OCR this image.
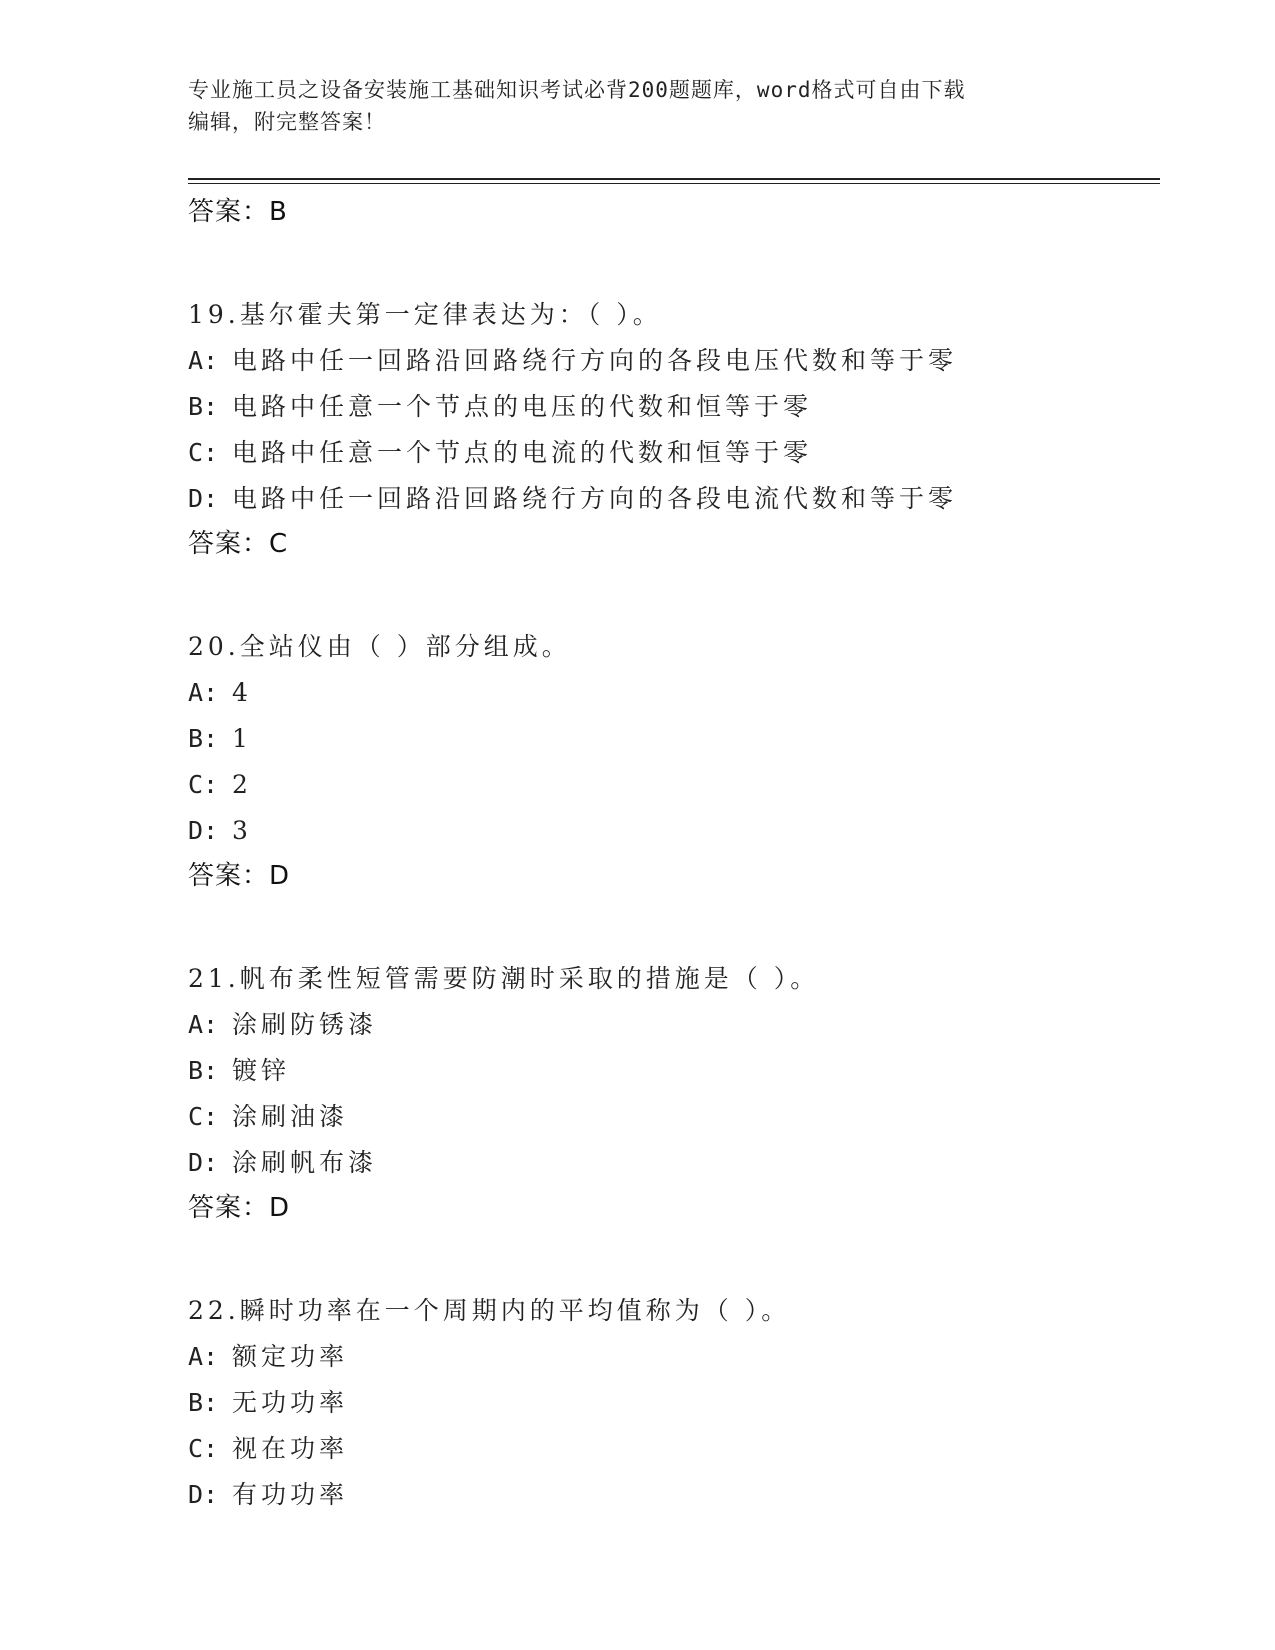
专业施工员之设备安装施工基础知识考试必背200题题库，word格式可自由下载
编辑，附完整答案！
答案：B
19.基尔霍夫第一定律表达为：（ ）。
A: 电路中任一回路沿回路绕行方向的各段电压代数和等于零
B: 电路中任意一个节点的电压的代数和恒等于零
C: 电路中任意一个节点的电流的代数和恒等于零
D: 电路中任一回路沿回路绕行方向的各段电流代数和等于零
答案：C
20.全站仪由（ ）部分组成。
A: 4
B: 1
C: 2
D: 3
答案：D
21.帆布柔性短管需要防潮时采取的措施是（ ）。
A: 涂刷防锈漆
B: 镀锌
C: 涂刷油漆
D: 涂刷帆布漆
答案：D
22.瞬时功率在一个周期内的平均值称为（ ）。
A: 额定功率
B: 无功功率
C: 视在功率
D: 有功功率
